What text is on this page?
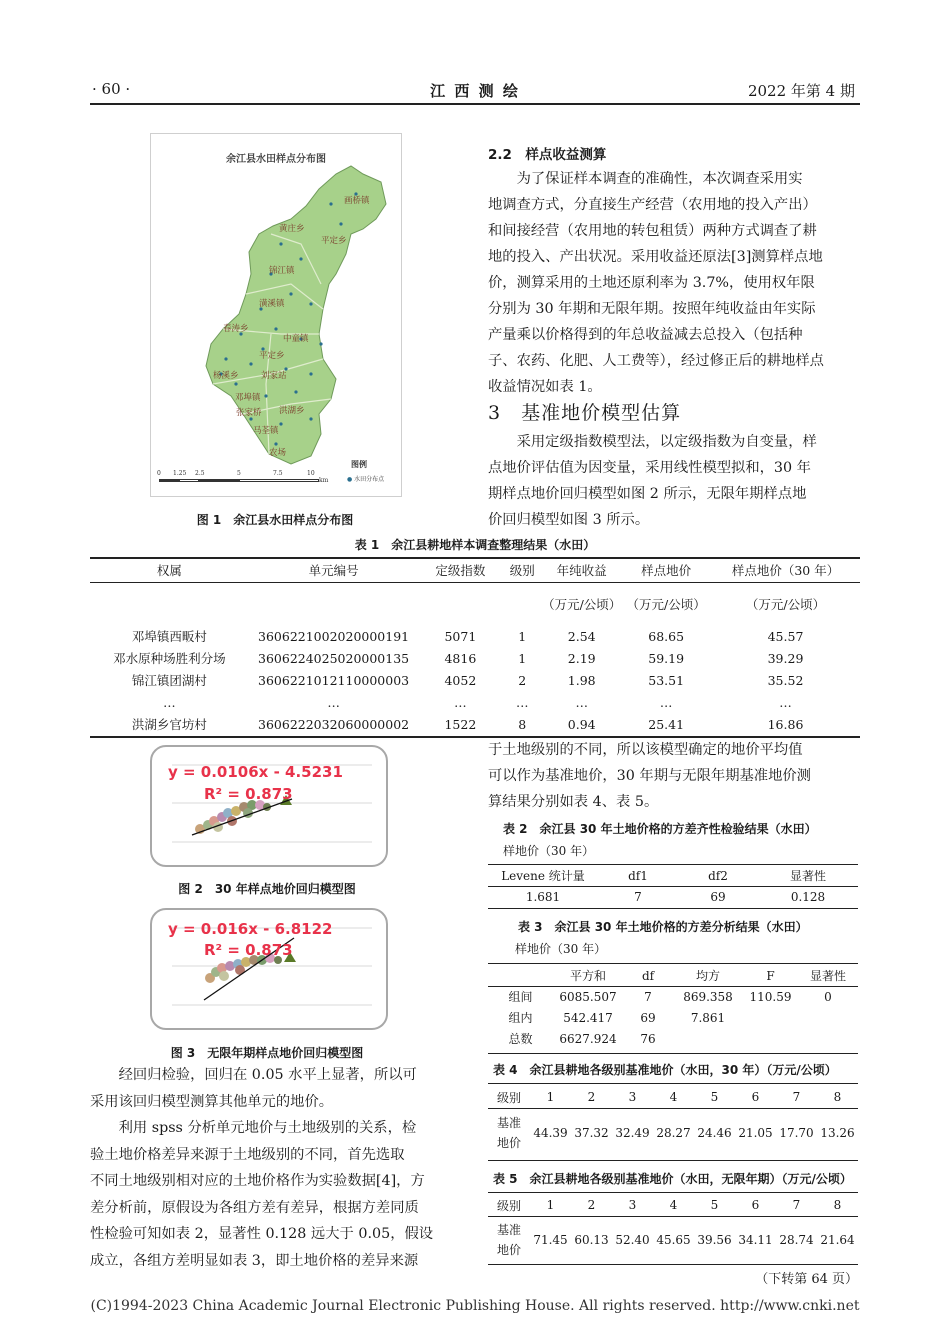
· 60 ·	江 西 测 绘	2022 年第 4 期
余江县水田样点分布图
画桥镇
黄庄乡
平定乡
锦江镇
潢溪镇
春涛乡
中童镇
平定乡
刘家站
杨溪乡
邓埠镇
张家桥 洪湖乡
马荃镇
农场
0 1.25 2.5	5	7.5	10
km
图例
● 水田分布点
图 1　余江县水田样点分布图
2.2　样点收益测算
为了保证样本调查的准确性，本次调查采用实
地调查方式，分直接生产经营（农用地的投入产出）
和间接经营（农用地的转包租赁）两种方式调查了耕
地的投入、产出状况。采用收益还原法[3]测算样点地
价，测算采用的土地还原利率为 3.7%，使用权年限
分别为 30 年期和无限年期。按照年纯收益由年实际
产量乘以价格得到的年总收益减去总投入（包括种
子、农药、化肥、人工费等），经过修正后的耕地样点
收益情况如表 1。
3　基准地价模型估算
采用定级指数模型法，以定级指数为自变量，样
点地价评估值为因变量，采用线性模型拟和，30 年
期样点地价回归模型如图 2 所示，无限年期样点地
价回归模型如图 3 所示。
表 1　余江县耕地样本调查整理结果（水田）
权属	单元编号	定级指数	级别	年纯收益	样点地价	样点地价（30 年）

				（万元/公顷）	（万元/公顷）	（万元/公顷）

邓埠镇西畈村	3606221002020000191	5071	1	2.54	68.65	45.57
邓水原种场胜利分场	3606224025020000135	4816	1	2.19	59.19	39.29
锦江镇团湖村	3606221012110000003	4052	2	1.98	53.51	35.52
…	…	…	…	…	…	…
洪湖乡官坊村	3606222032060000002	1522	8	0.94	25.41	16.86
y = 0.0106x - 4.5231
R² = 0.873
图 2　30 年样点地价回归模型图
y = 0.016x - 6.8122
R² = 0.873
图 3　无限年期样点地价回归模型图
经回归检验，回归在 0.05 水平上显著，所以可
采用该回归模型测算其他单元的地价。
利用 spss 分析单元地价与土地级别的关系，检
验土地价格差异来源于土地级别的不同，首先选取
不同土地级别相对应的土地价格作为实验数据[4]，方
差分析前，原假设为各组方差有差异，根据方差同质
性检验可知如表 2，显著性 0.128 远大于 0.05，假设
成立，各组方差明显如表 3，即土地价格的差异来源
于土地级别的不同，所以该模型确定的地价平均值
可以作为基准地价，30 年期与无限年期基准地价测
算结果分别如表 4、表 5。
表 2　余江县 30 年土地价格的方差齐性检验结果（水田）
样地价（30 年）
Levene 统计量	df1	df2	显著性
1.681	7	69	0.128
表 3　余江县 30 年土地价格的方差分析结果（水田）
样地价（30 年）
	平方和	df	均方	F	显著性
组间	6085.507	7	869.358	110.59	0
组内	542.417	69	7.861		
总数	6627.924	76			
表 4　余江县耕地各级别基准地价（水田，30 年）（万元/公顷）
级别	1	2	3	4	5	6	7	8

基准
地价	44.39	37.32	32.49	28.27	24.46	21.05	17.70	13.26
表 5　余江县耕地各级别基准地价（水田，无限年期）（万元/公顷）
级别	1	2	3	4	5	6	7	8

基准
地价	71.45	60.13	52.40	45.65	39.56	34.11	28.74	21.64
（下转第 64 页）
(C)1994-2023 China Academic Journal Electronic Publishing House. All rights reserved. http://www.cnki.net
